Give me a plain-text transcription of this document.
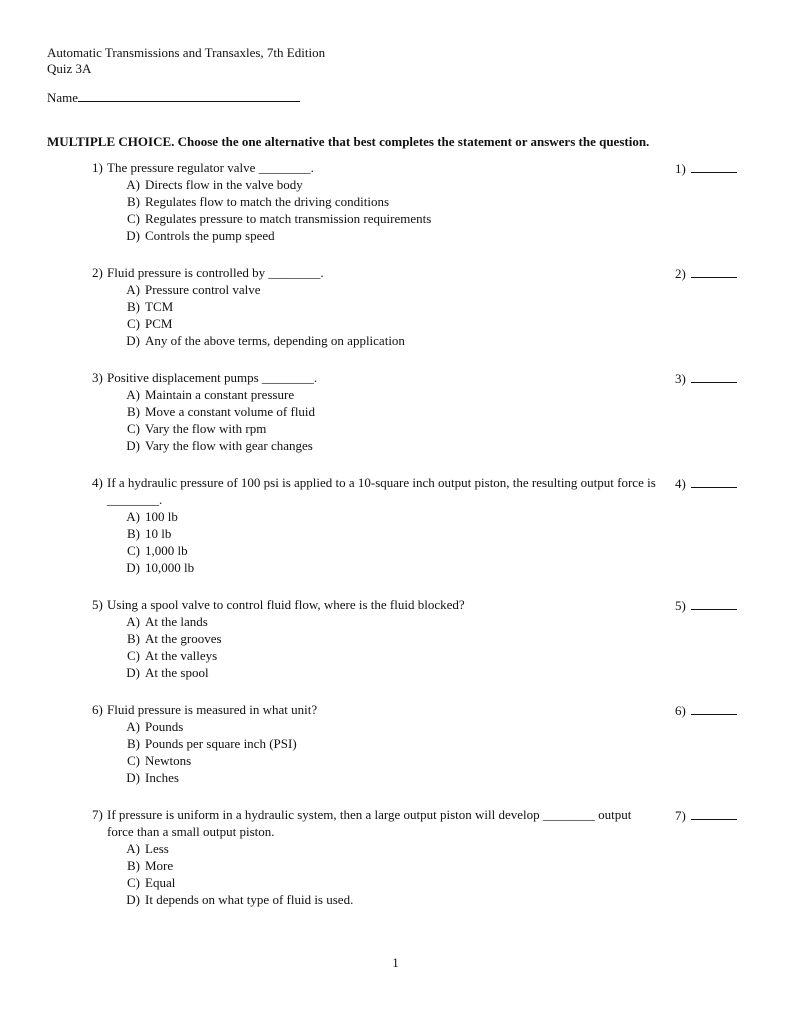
Automatic Transmissions and Transaxles, 7th Edition
Quiz 3A
Name
MULTIPLE CHOICE. Choose the one alternative that best completes the statement or answers the question.
1) The pressure regulator valve ________.
A) Directs flow in the valve body
B) Regulates flow to match the driving conditions
C) Regulates pressure to match transmission requirements
D) Controls the pump speed
1)
2) Fluid pressure is controlled by ________.
A) Pressure control valve
B) TCM
C) PCM
D) Any of the above terms, depending on application
2)
3) Positive displacement pumps ________.
A) Maintain a constant pressure
B) Move a constant volume of fluid
C) Vary the flow with rpm
D) Vary the flow with gear changes
3)
4) If a hydraulic pressure of 100 psi is applied to a 10-square inch output piston, the resulting output force is ________.
A) 100 lb
B) 10 lb
C) 1,000 lb
D) 10,000 lb
4)
5) Using a spool valve to control fluid flow, where is the fluid blocked?
A) At the lands
B) At the grooves
C) At the valleys
D) At the spool
5)
6) Fluid pressure is measured in what unit?
A) Pounds
B) Pounds per square inch (PSI)
C) Newtons
D) Inches
6)
7) If pressure is uniform in a hydraulic system, then a large output piston will develop ________ output force than a small output piston.
A) Less
B) More
C) Equal
D) It depends on what type of fluid is used.
7)
1
